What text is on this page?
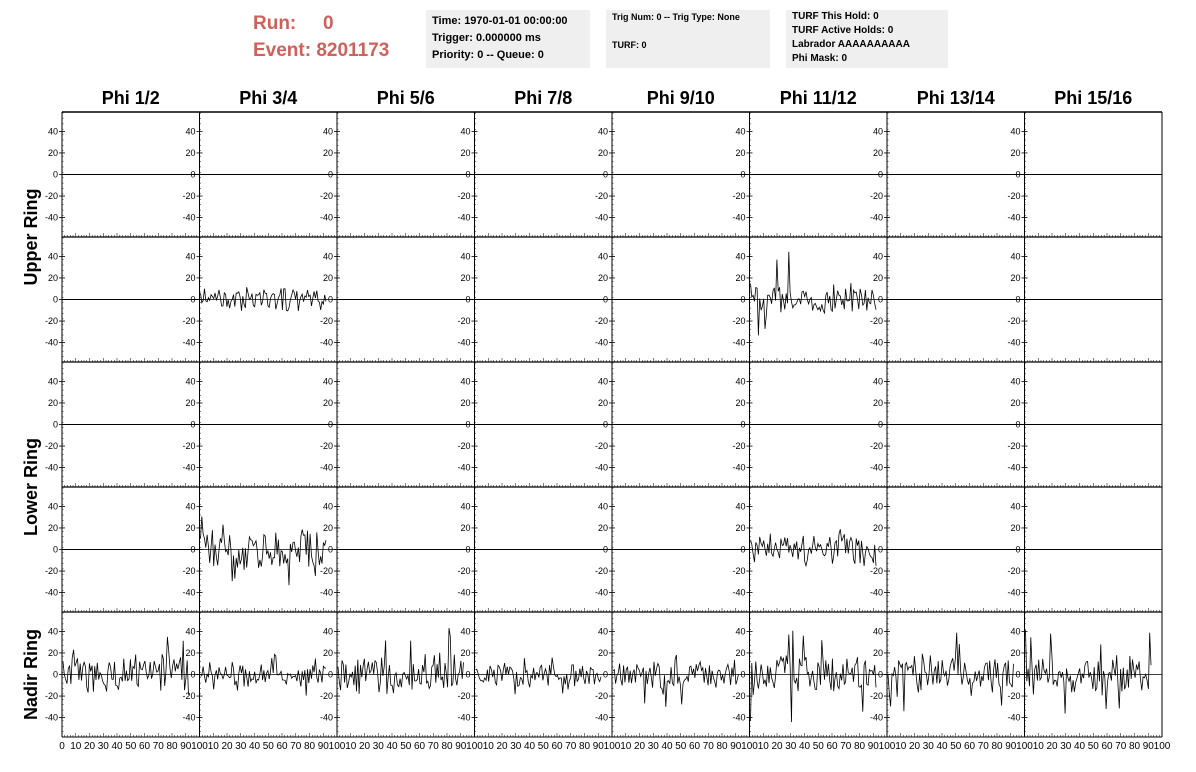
Run: 0
Event: 8201173
Time: 1970-01-01 00:00:00
Trigger: 0.000000 ms
Priority: 0 -- Queue: 0
Trig Num: 0 -- Trig Type: None
TURF: 0
TURF This Hold: 0
TURF Active Holds: 0
Labrador AAAAAAAAAA
Phi Mask: 0
Phi 1/2	Phi 3/4	Phi 5/6	Phi 7/8	Phi 9/10	Phi 11/12	Phi 13/14	Phi 15/16
Upper Ring
Lower Ring
Nadir Ring
-40
-20
0
20
40
-40
-20
0
20
40
-40
-20
0
20
40
-40
-20
0
20
40
-40
-20
0
20
40
-40
-20
0
20
40
-40
-20
0
20
40
-40
-20
0
20
40
-40
-20
0
20
40
-40
-20
0
20
40
-40
-20
0
20
40
-40
-20
0
20
40
-40
-20
0
20
40
-40
-20
0
20
40
-40
-20
0
20
40
-40
-20
0
20
40
-40
-20
0
20
40
-40
-20
0
20
40
-40
-20
0
20
40
-40
-20
0
20
40
-40
-20
0
20
40
-40
-20
0
20
40
-40
-20
0
20
40
-40
-20
0
20
40
-40
-20
0
20
40
-40
-20
0
20
40
-40
-20
0
20
40
-40
-20
0
20
40
-40
-20
0
20
40
-40
-20
0
20
40
-40
-20
0
20
40
-40
-20
0
20
40
-40
-20
0
20
40
-40
-20
0
20
40
-40
-20
0
20
40
-40
-20
0
20
40
-40
-20
0
20
40
-40
-20
0
20
40
-40
-20
0
20
40
-40
-20
0
20
40
0 10 20 30 40 50 60 70 80 90 100 10 20 30 40 50 60 70 80 90 100 10 20 30 40 50 60 70 80 90 100 10 20 30 40 50 60 70 80 90 100 10 20 30 40 50 60 70 80 90 100 10 20 30 40 50 60 70 80 90 100 10 20 30 40 50 60 70 80 90 100 10 20 30 40 50 60 70 80 90 100
